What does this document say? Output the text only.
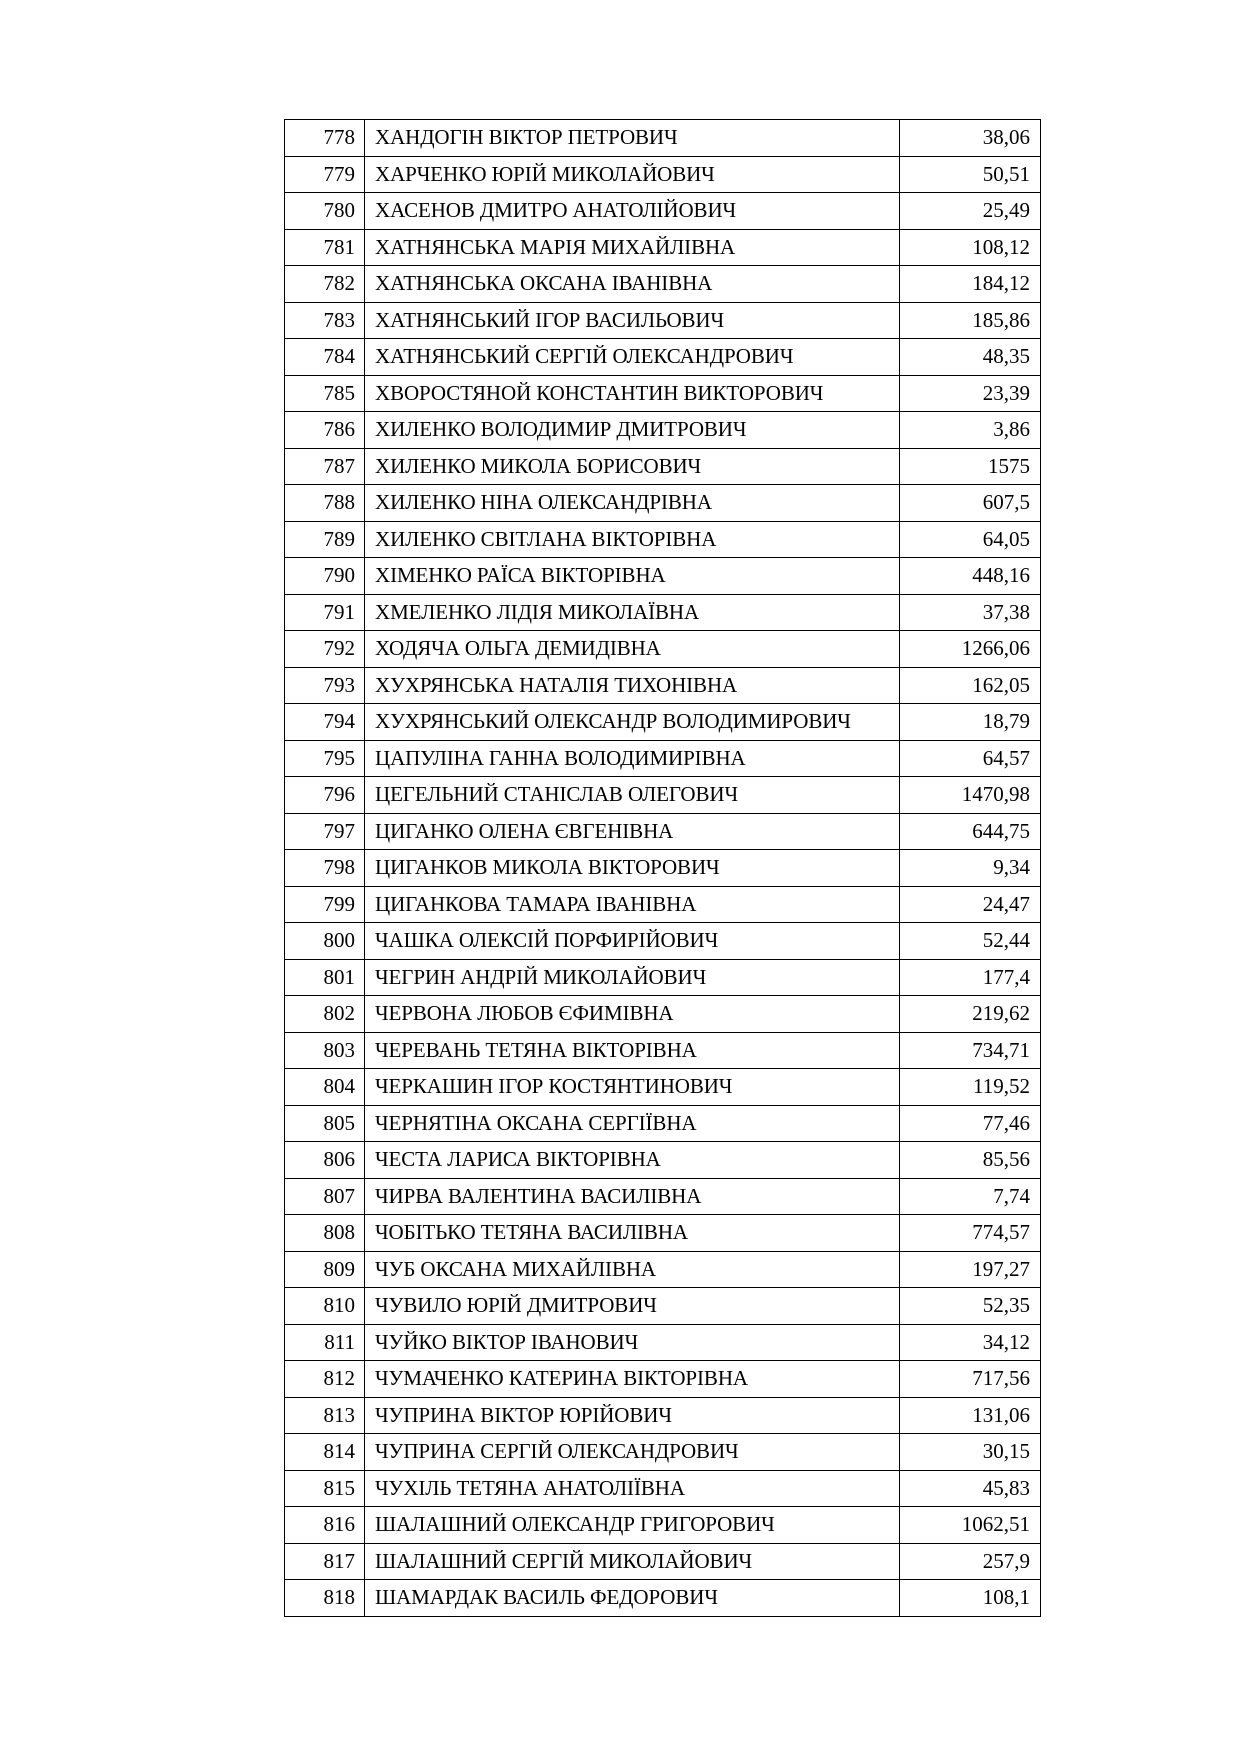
778	ХАНДОГІН ВІКТОР ПЕТРОВИЧ	38,06
779	ХАРЧЕНКО ЮРІЙ МИКОЛАЙОВИЧ	50,51
780	ХАСЕНОВ ДМИТРО АНАТОЛІЙОВИЧ	25,49
781	ХАТНЯНСЬКА МАРІЯ МИХАЙЛІВНА	108,12
782	ХАТНЯНСЬКА ОКСАНА ІВАНІВНА	184,12
783	ХАТНЯНСЬКИЙ ІГОР ВАСИЛЬОВИЧ	185,86
784	ХАТНЯНСЬКИЙ СЕРГІЙ ОЛЕКСАНДРОВИЧ	48,35
785	ХВОРОСТЯНОЙ КОНСТАНТИН ВИКТОРОВИЧ	23,39
786	ХИЛЕНКО ВОЛОДИМИР ДМИТРОВИЧ	3,86
787	ХИЛЕНКО МИКОЛА БОРИСОВИЧ	1575
788	ХИЛЕНКО НІНА ОЛЕКСАНДРІВНА	607,5
789	ХИЛЕНКО СВІТЛАНА ВІКТОРІВНА	64,05
790	ХІМЕНКО РАЇСА ВІКТОРІВНА	448,16
791	ХМЕЛЕНКО ЛІДІЯ МИКОЛАЇВНА	37,38
792	ХОДЯЧА ОЛЬГА ДЕМИДІВНА	1266,06
793	ХУХРЯНСЬКА НАТАЛІЯ ТИХОНІВНА	162,05
794	ХУХРЯНСЬКИЙ ОЛЕКСАНДР ВОЛОДИМИРОВИЧ	18,79
795	ЦАПУЛІНА ГАННА ВОЛОДИМИРІВНА	64,57
796	ЦЕГЕЛЬНИЙ СТАНІСЛАВ ОЛЕГОВИЧ	1470,98
797	ЦИГАНКО ОЛЕНА ЄВГЕНІВНА	644,75
798	ЦИГАНКОВ МИКОЛА ВІКТОРОВИЧ	9,34
799	ЦИГАНКОВА ТАМАРА ІВАНІВНА	24,47
800	ЧАШКА ОЛЕКСІЙ ПОРФИРІЙОВИЧ	52,44
801	ЧЕГРИН АНДРІЙ МИКОЛАЙОВИЧ	177,4
802	ЧЕРВОНА ЛЮБОВ ЄФИМІВНА	219,62
803	ЧЕРЕВАНЬ ТЕТЯНА ВІКТОРІВНА	734,71
804	ЧЕРКАШИН ІГОР КОСТЯНТИНОВИЧ	119,52
805	ЧЕРНЯТІНА ОКСАНА СЕРГІЇВНА	77,46
806	ЧЕСТА ЛАРИСА ВІКТОРІВНА	85,56
807	ЧИРВА ВАЛЕНТИНА ВАСИЛІВНА	7,74
808	ЧОБІТЬКО ТЕТЯНА ВАСИЛІВНА	774,57
809	ЧУБ ОКСАНА МИХАЙЛІВНА	197,27
810	ЧУВИЛО ЮРІЙ ДМИТРОВИЧ	52,35
811	ЧУЙКО ВІКТОР ІВАНОВИЧ	34,12
812	ЧУМАЧЕНКО КАТЕРИНА ВІКТОРІВНА	717,56
813	ЧУПРИНА ВІКТОР ЮРІЙОВИЧ	131,06
814	ЧУПРИНА СЕРГІЙ ОЛЕКСАНДРОВИЧ	30,15
815	ЧУХІЛЬ ТЕТЯНА АНАТОЛІЇВНА	45,83
816	ШАЛАШНИЙ ОЛЕКСАНДР ГРИГОРОВИЧ	1062,51
817	ШАЛАШНИЙ СЕРГІЙ МИКОЛАЙОВИЧ	257,9
818	ШАМАРДАК ВАСИЛЬ ФЕДОРОВИЧ	108,1
